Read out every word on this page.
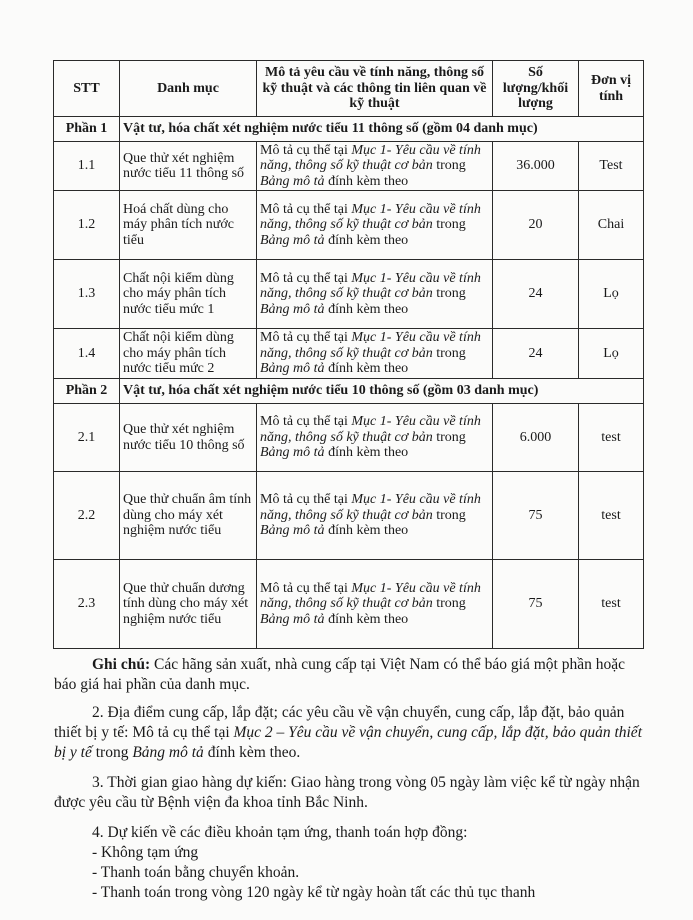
STT	Danh mục	Mô tả yêu cầu về tính năng, thông số kỹ thuật và các thông tin liên quan về kỹ thuật	Số lượng/khối lượng	Đơn vị tính
Phần 1	Vật tư, hóa chất xét nghiệm nước tiểu 11 thông số (gồm 04 danh mục)			
1.1	Que thử xét nghiệm nước tiểu 11 thông số	Mô tả cụ thể tại Mục 1- Yêu cầu về tính năng, thông số kỹ thuật cơ bản trong Bảng mô tả đính kèm theo	36.000	Test
1.2	Hoá chất dùng cho máy phân tích nước tiểu	Mô tả cụ thể tại Mục 1- Yêu cầu về tính năng, thông số kỹ thuật cơ bản trong Bảng mô tả đính kèm theo	20	Chai
1.3	Chất nội kiểm dùng cho máy phân tích nước tiểu mức 1	Mô tả cụ thể tại Mục 1- Yêu cầu về tính năng, thông số kỹ thuật cơ bản trong Bảng mô tả đính kèm theo	24	Lọ
1.4	Chất nội kiểm dùng cho máy phân tích nước tiểu mức 2	Mô tả cụ thể tại Mục 1- Yêu cầu về tính năng, thông số kỹ thuật cơ bản trong Bảng mô tả đính kèm theo	24	Lọ
Phần 2	Vật tư, hóa chất xét nghiệm nước tiểu 10 thông số (gồm 03 danh mục)			
2.1	Que thử xét nghiệm nước tiểu 10 thông số	Mô tả cụ thể tại Mục 1- Yêu cầu về tính năng, thông số kỹ thuật cơ bản trong Bảng mô tả đính kèm theo	6.000	test
2.2	Que thử chuẩn âm tính dùng cho máy xét nghiệm nước tiểu	Mô tả cụ thể tại Mục 1- Yêu cầu về tính năng, thông số kỹ thuật cơ bản trong Bảng mô tả đính kèm theo	75	test
2.3	Que thử chuẩn dương tính dùng cho máy xét nghiệm nước tiểu	Mô tả cụ thể tại Mục 1- Yêu cầu về tính năng, thông số kỹ thuật cơ bản trong Bảng mô tả đính kèm theo	75	test

Ghi chú: Các hãng sản xuất, nhà cung cấp tại Việt Nam có thể báo giá một phần hoặc báo giá hai phần của danh mục.

2. Địa điểm cung cấp, lắp đặt; các yêu cầu về vận chuyển, cung cấp, lắp đặt, bảo quản thiết bị y tế: Mô tả cụ thể tại Mục 2 – Yêu cầu về vận chuyển, cung cấp, lắp đặt, bảo quản thiết bị y tế trong Bảng mô tả đính kèm theo.

3. Thời gian giao hàng dự kiến: Giao hàng trong vòng 05 ngày làm việc kể từ ngày nhận được yêu cầu từ Bệnh viện đa khoa tỉnh Bắc Ninh.

4. Dự kiến về các điều khoản tạm ứng, thanh toán hợp đồng:

- Không tạm ứng

- Thanh toán bằng chuyển khoản.

- Thanh toán trong vòng 120 ngày kể từ ngày hoàn tất các thủ tục thanh
